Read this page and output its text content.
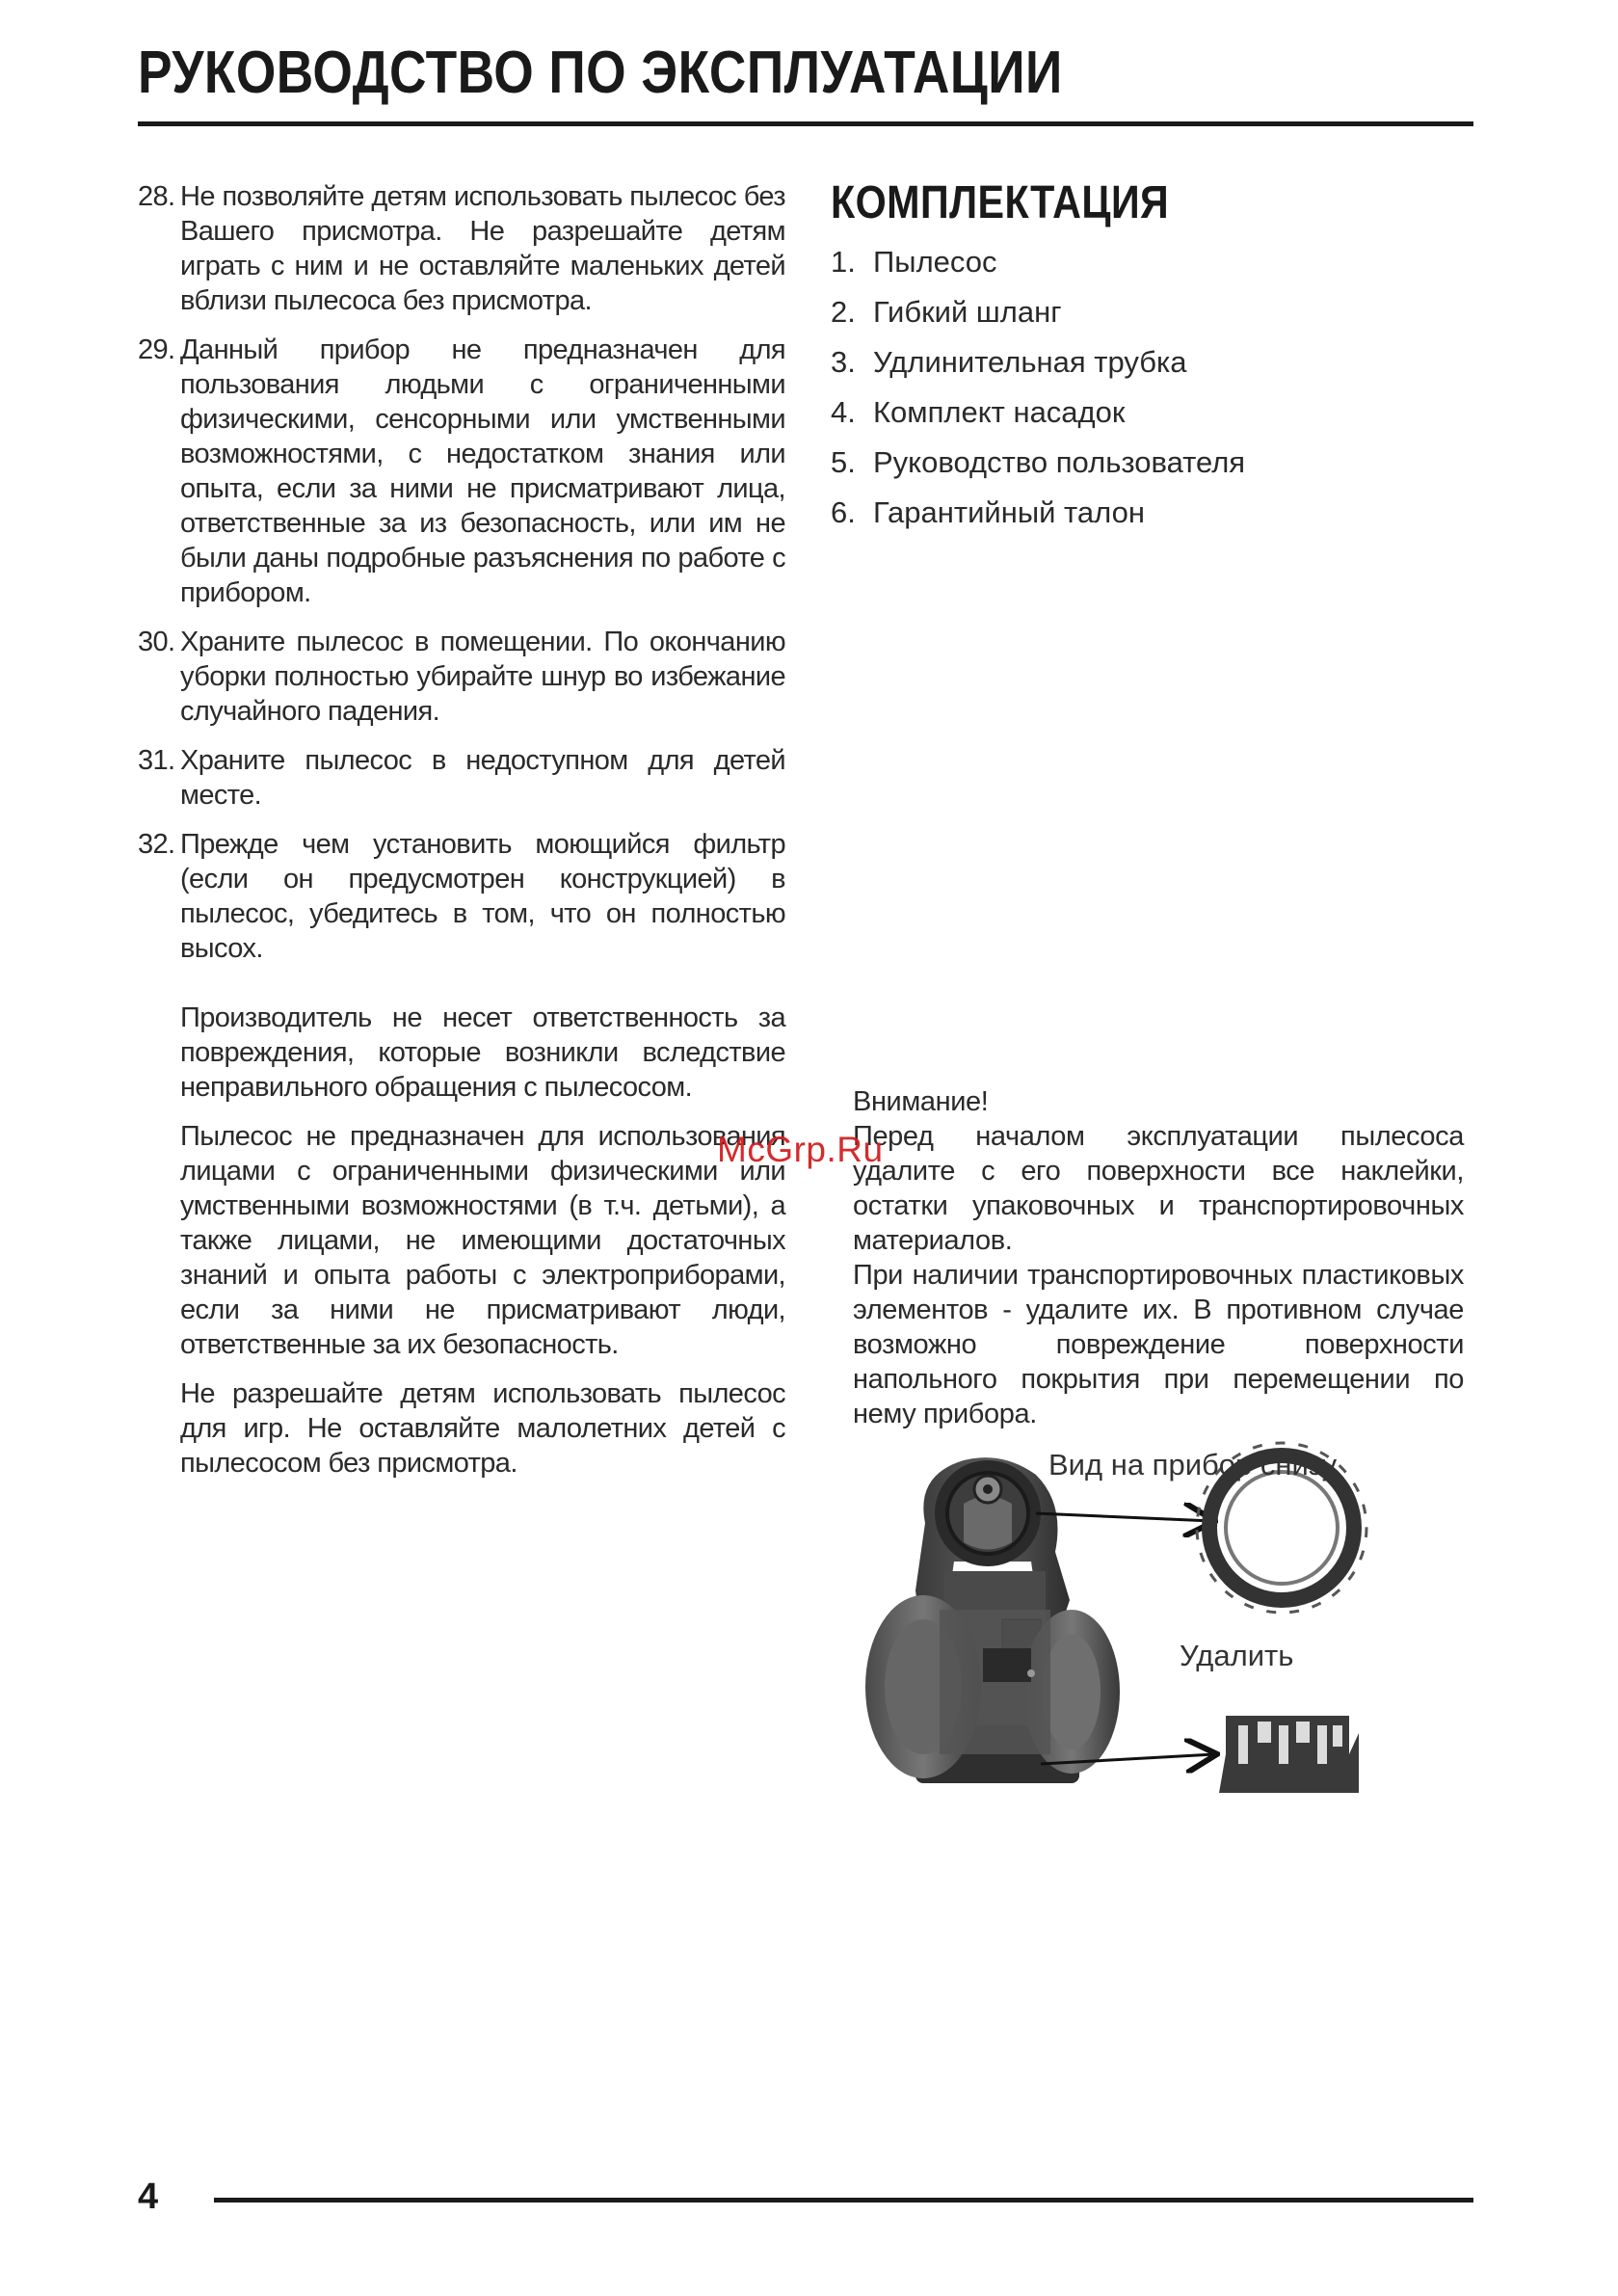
РУКОВОДСТВО ПО ЭКСПЛУАТАЦИИ
28. Не позволяйте детям использовать пылесос без Вашего присмотра. Не разрешайте детям играть с ним и не оставляйте маленьких детей вблизи пылесоса без присмотра.
29. Данный прибор не предназначен для пользования людьми с ограниченными физическими, сенсорными или умственными возможностями, с недостатком знания или опыта, если за ними не присматривают лица, ответственные за из безопасность, или им не были даны подробные разъяснения по работе с прибором.
30. Храните пылесос в помещении. По окончанию уборки полностью убирайте шнур во избежание случайного падения.
31. Храните пылесос в недоступном для детей месте.
32. Прежде чем установить моющийся фильтр (если он предусмотрен конструкцией) в пылесос, убедитесь в том, что он полностью высох.

Производитель не несет ответственность за повреждения, которые возникли вследствие неправильного обращения с пылесосом.

Пылесос не предназначен для использования лицами с ограниченными физическими или умственными возможностями (в т.ч. детьми), а также лицами, не имеющими достаточных знаний и опыта работы с электроприборами, если за ними не присматривают люди, ответственные за их безопасность.

Не разрешайте детям использовать пылесос для игр. Не оставляйте малолетних детей с пылесосом без присмотра.

КОМПЛЕКТАЦИЯ
1. Пылесос
2. Гибкий шланг
3. Удлинительная трубка
4. Комплект насадок
5. Руководство пользователя
6. Гарантийный талон

Внимание!

Перед началом эксплуатации пылесоса удалите с его поверхности все наклейки, остатки упаковочных и транспортировочных материалов.

При наличии транспортировочных пластиковых элементов - удалите их. В противном случае возможно повреждение поверхности напольного покрытия при перемещении по нему прибора.

Вид на прибор снизу
Удалить
McGrp.Ru
4
